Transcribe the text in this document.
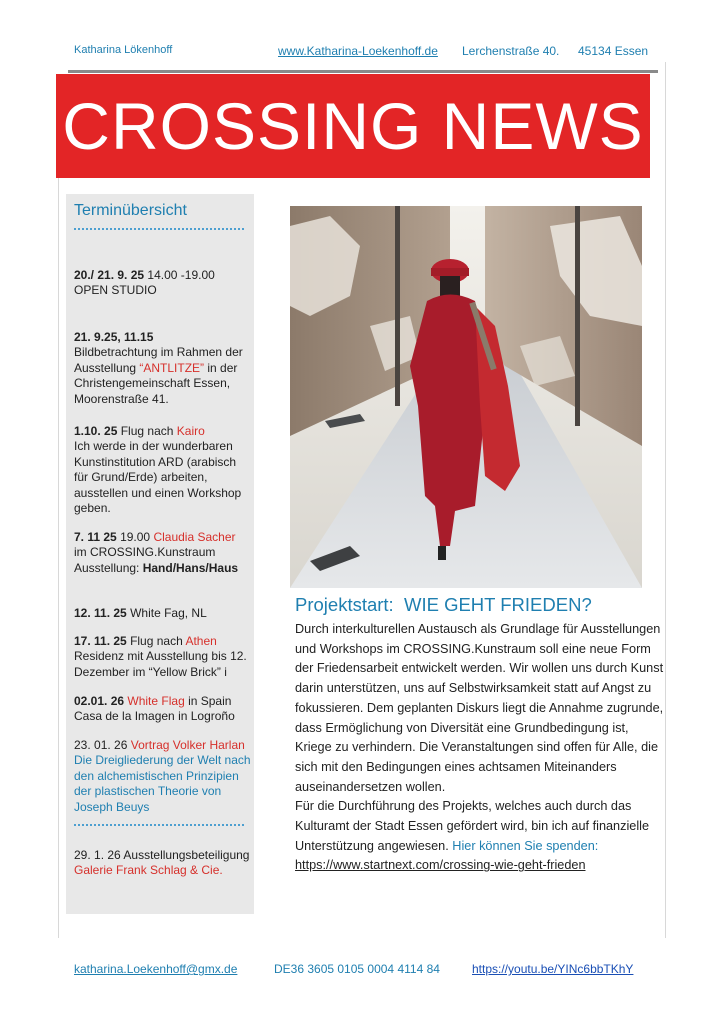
Katharina Lökenhoff	www.Katharina-Loekenhoff.de Lerchenstraße 40. 45134 Essen
CROSSING NEWS
Terminübersicht
20./ 21. 9. 25 14.00 -19.00
OPEN STUDIO
21. 9.25, 11.15
Bildbetrachtung im Rahmen der Ausstellung “ANTLITZE” in der Christengemeinschaft Essen, Moorenstraße 41.
1.10. 25 Flug nach Kairo
Ich werde in der wunderbaren Kunstinstitution ARD (arabisch für Grund/Erde) arbeiten, ausstellen und einen Workshop geben.
7. 11 25 19.00 Claudia Sacher
im CROSSING.Kunstraum
Ausstellung: Hand/Hans/Haus
12. 11. 25 White Fag, NL
17. 11. 25 Flug nach Athen
Residenz mit Ausstellung bis 12. Dezember im “Yellow Brick” i
02.01. 26 White Flag in Spain
Casa de la Imagen in Logroño
23. 01. 26 Vortrag Volker Harlan
Die Dreigliederung der Welt nach den alchemistischen Prinzipien der plastischen Theorie von Joseph Beuys
29. 1. 26 Ausstellungsbeteiligung
Galerie Frank Schlag & Cie.
Projektstart: WIE GEHT FRIEDEN?
Durch interkulturellen Austausch als Grundlage für Ausstellungen und Workshops im CROSSING.Kunstraum soll eine neue Form der Friedensarbeit entwickelt werden. Wir wollen uns durch Kunst darin unterstützen, uns auf Selbstwirksamkeit statt auf Angst zu fokussieren. Dem geplanten Diskurs liegt die Annahme zugrunde, dass Ermöglichung von Diversität eine Grundbedingung ist, Kriege zu verhindern. Die Veranstaltungen sind offen für Alle, die sich mit den Bedingungen eines achtsamen Miteinanders auseinandersetzen wollen.
Für die Durchführung des Projekts, welches auch durch das Kulturamt der Stadt Essen gefördert wird, bin ich auf finanzielle Unterstützung angewiesen. Hier können Sie spenden:
https://www.startnext.com/crossing-wie-geht-frieden
katharina.Loekenhoff@gmx.de	DE36 3605 0105 0004 4114 84	https://youtu.be/YINc6bbTKhY
